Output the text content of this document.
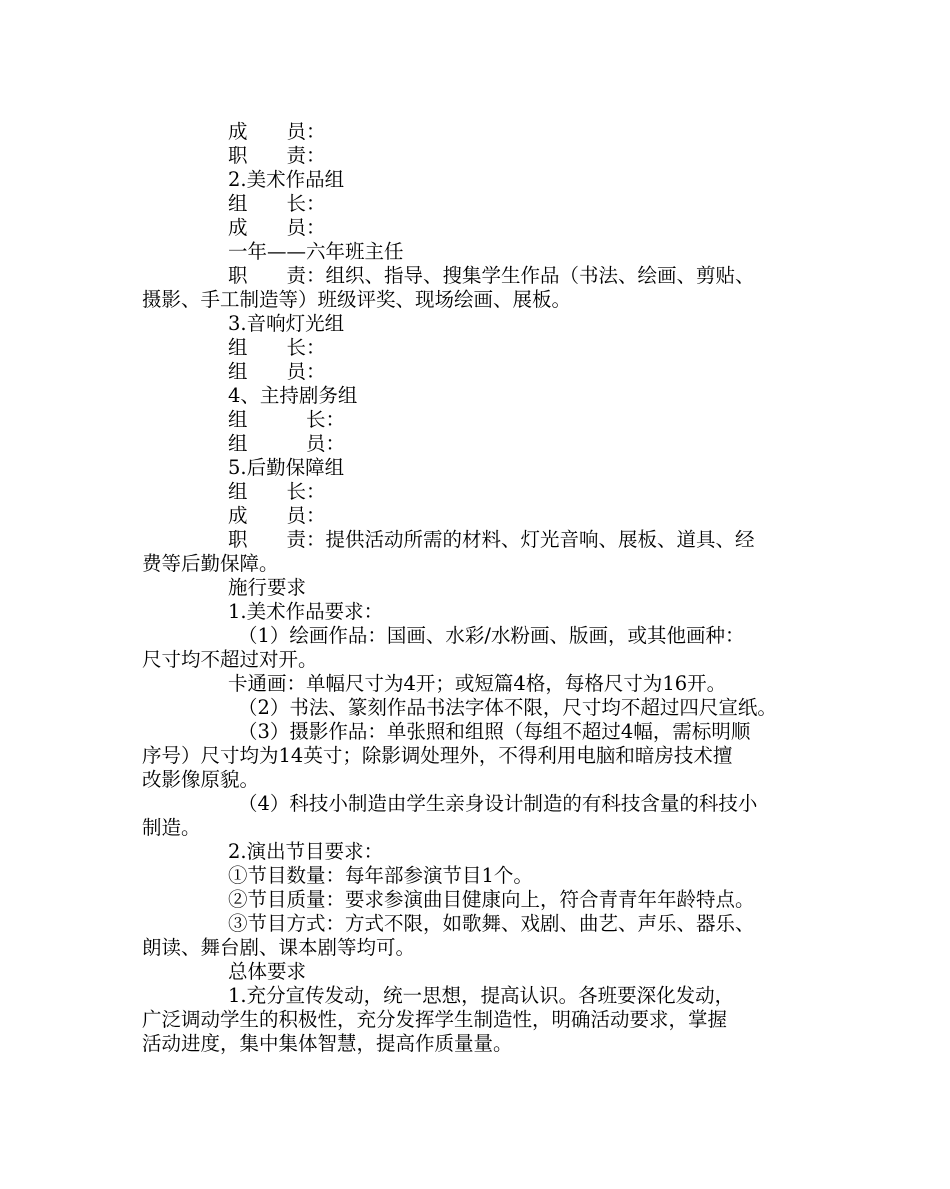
成　　员：

职　　责：

2.美术作品组

组　　长：

成　　员：

一年——六年班主任

职　　责：组织、指导、搜集学生作品（书法、绘画、剪贴、

摄影、手工制造等）班级评奖、现场绘画、展板。

3.音响灯光组

组　　长：

组　　员：

4、主持剧务组

组　　　长：

组　　　员：

5.后勤保障组

组　　长：

成　　员：

职　　责：提供活动所需的材料、灯光音响、展板、道具、经

费等后勤保障。

施行要求

1.美术作品要求：

（1）绘画作品：国画、水彩/水粉画、版画，或其他画种：

尺寸均不超过对开。

卡通画：单幅尺寸为4开；或短篇4格，每格尺寸为16开。

（2）书法、篆刻作品书法字体不限，尺寸均不超过四尺宣纸。

（3）摄影作品：单张照和组照（每组不超过4幅，需标明顺

序号）尺寸均为14英寸；除影调处理外，不得利用电脑和暗房技术擅

改影像原貌。

（4）科技小制造由学生亲身设计制造的有科技含量的科技小

制造。

2.演出节目要求：

①节目数量：每年部参演节目1个。

②节目质量：要求参演曲目健康向上，符合青青年年龄特点。

③节目方式：方式不限，如歌舞、戏剧、曲艺、声乐、器乐、

朗读、舞台剧、课本剧等均可。

总体要求

1.充分宣传发动，统一思想，提高认识。各班要深化发动，

广泛调动学生的积极性，充分发挥学生制造性，明确活动要求，掌握

活动进度，集中集体智慧，提高作质量量。
